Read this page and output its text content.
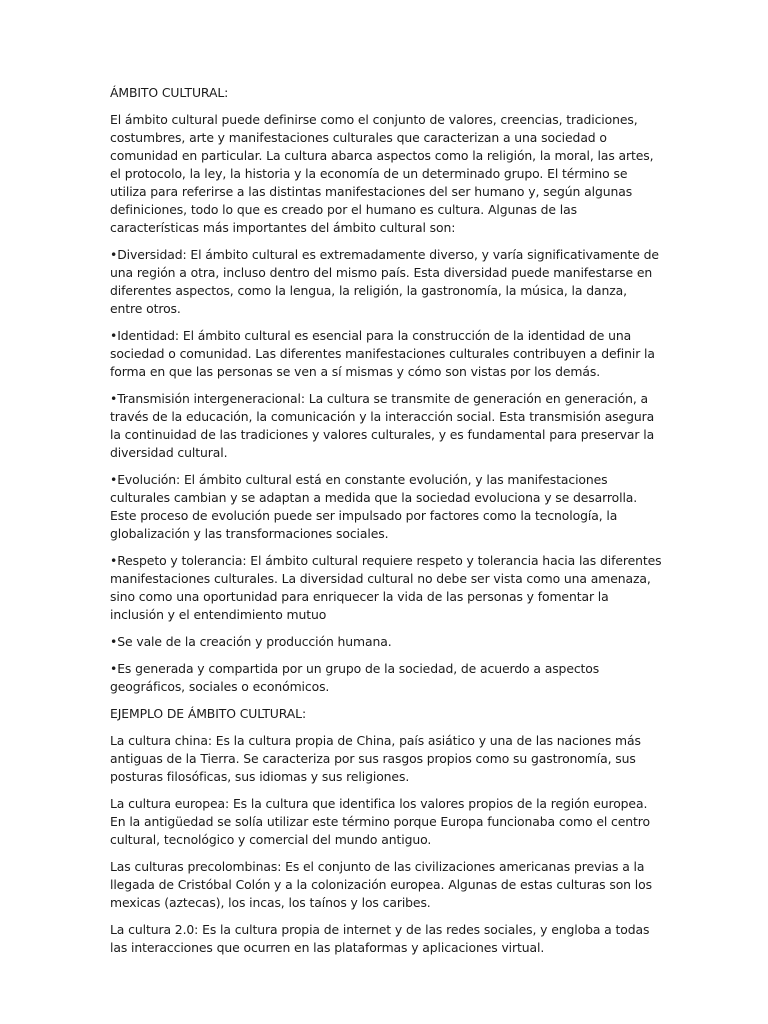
ÁMBITO CULTURAL:

El ámbito cultural puede definirse como el conjunto de valores, creencias, tradiciones, costumbres, arte y manifestaciones culturales que caracterizan a una sociedad o comunidad en particular. La cultura abarca aspectos como la religión, la moral, las artes, el protocolo, la ley, la historia y la economía de un determinado grupo. El término se utiliza para referirse a las distintas manifestaciones del ser humano y, según algunas definiciones, todo lo que es creado por el humano es cultura. Algunas de las características más importantes del ámbito cultural son:

•Diversidad: El ámbito cultural es extremadamente diverso, y varía significativamente de una región a otra, incluso dentro del mismo país. Esta diversidad puede manifestarse en diferentes aspectos, como la lengua, la religión, la gastronomía, la música, la danza, entre otros.

•Identidad: El ámbito cultural es esencial para la construcción de la identidad de una sociedad o comunidad. Las diferentes manifestaciones culturales contribuyen a definir la forma en que las personas se ven a sí mismas y cómo son vistas por los demás.

•Transmisión intergeneracional: La cultura se transmite de generación en generación, a través de la educación, la comunicación y la interacción social. Esta transmisión asegura la continuidad de las tradiciones y valores culturales, y es fundamental para preservar la diversidad cultural.

•Evolución: El ámbito cultural está en constante evolución, y las manifestaciones culturales cambian y se adaptan a medida que la sociedad evoluciona y se desarrolla. Este proceso de evolución puede ser impulsado por factores como la tecnología, la globalización y las transformaciones sociales.

•Respeto y tolerancia: El ámbito cultural requiere respeto y tolerancia hacia las diferentes manifestaciones culturales. La diversidad cultural no debe ser vista como una amenaza, sino como una oportunidad para enriquecer la vida de las personas y fomentar la inclusión y el entendimiento mutuo

•Se vale de la creación y producción humana.

•Es generada y compartida por un grupo de la sociedad, de acuerdo a aspectos geográficos, sociales o económicos.

EJEMPLO DE ÁMBITO CULTURAL:

La cultura china: Es la cultura propia de China, país asiático y una de las naciones más antiguas de la Tierra. Se caracteriza por sus rasgos propios como su gastronomía, sus posturas filosóficas, sus idiomas y sus religiones.

La cultura europea: Es la cultura que identifica los valores propios de la región europea. En la antigüedad se solía utilizar este término porque Europa funcionaba como el centro cultural, tecnológico y comercial del mundo antiguo.

Las culturas precolombinas: Es el conjunto de las civilizaciones americanas previas a la llegada de Cristóbal Colón y a la colonización europea. Algunas de estas culturas son los mexicas (aztecas), los incas, los taínos y los caribes.

La cultura 2.0: Es la cultura propia de internet y de las redes sociales, y engloba a todas las interacciones que ocurren en las plataformas y aplicaciones virtual.
